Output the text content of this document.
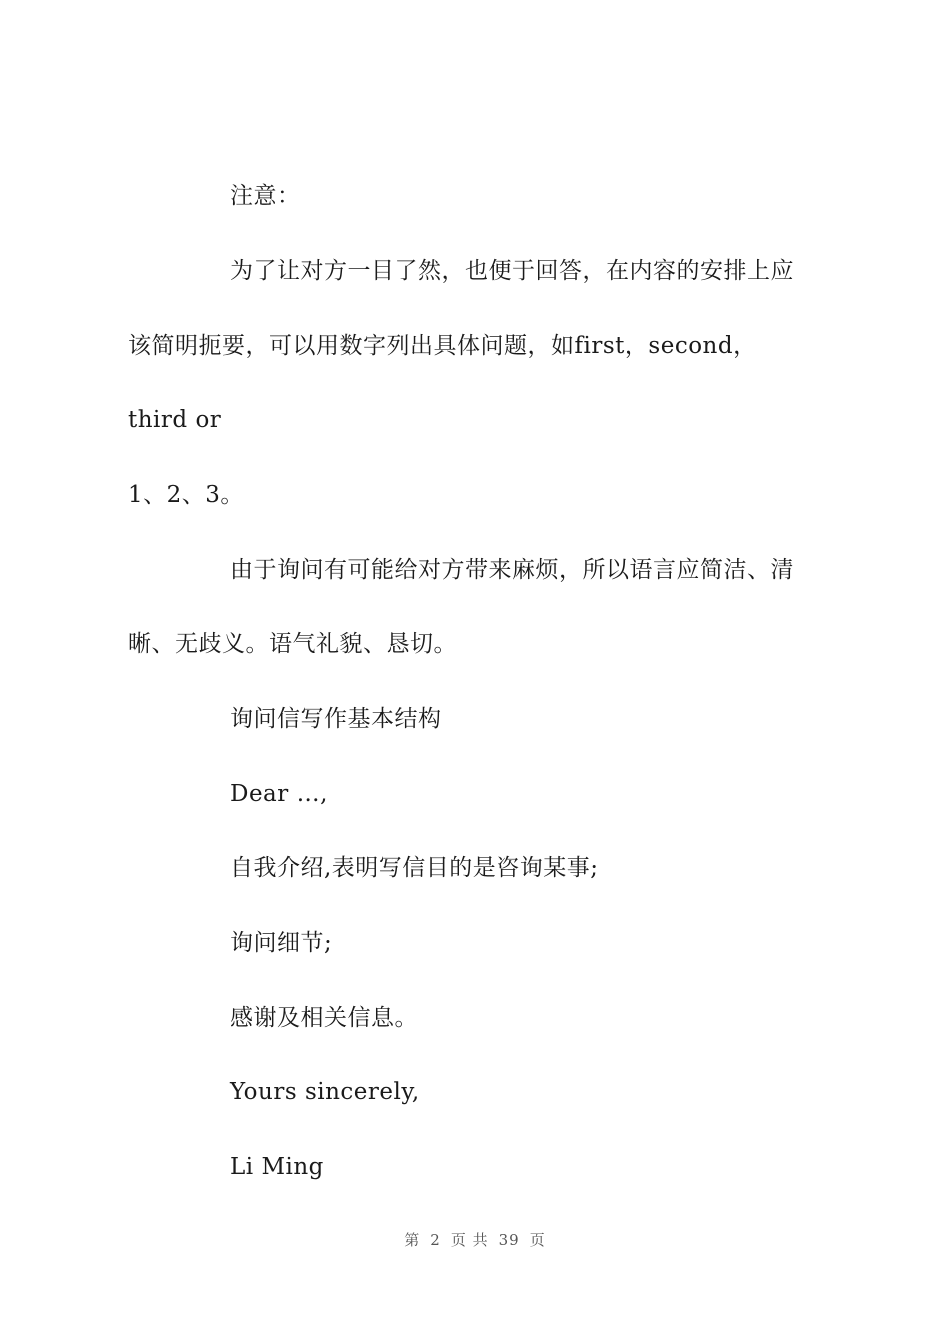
注意：
为了让对方一目了然，也便于回答，在内容的安排上应
该简明扼要，可以用数字列出具体问题，如first，second，
third or
1、2、3。
由于询问有可能给对方带来麻烦，所以语言应简洁、清
晰、无歧义。语气礼貌、恳切。
询问信写作基本结构
Dear …,
自我介绍,表明写信目的是咨询某事;
询问细节;
感谢及相关信息。
Yours sincerely,
Li Ming
第 2 页 共 39 页
